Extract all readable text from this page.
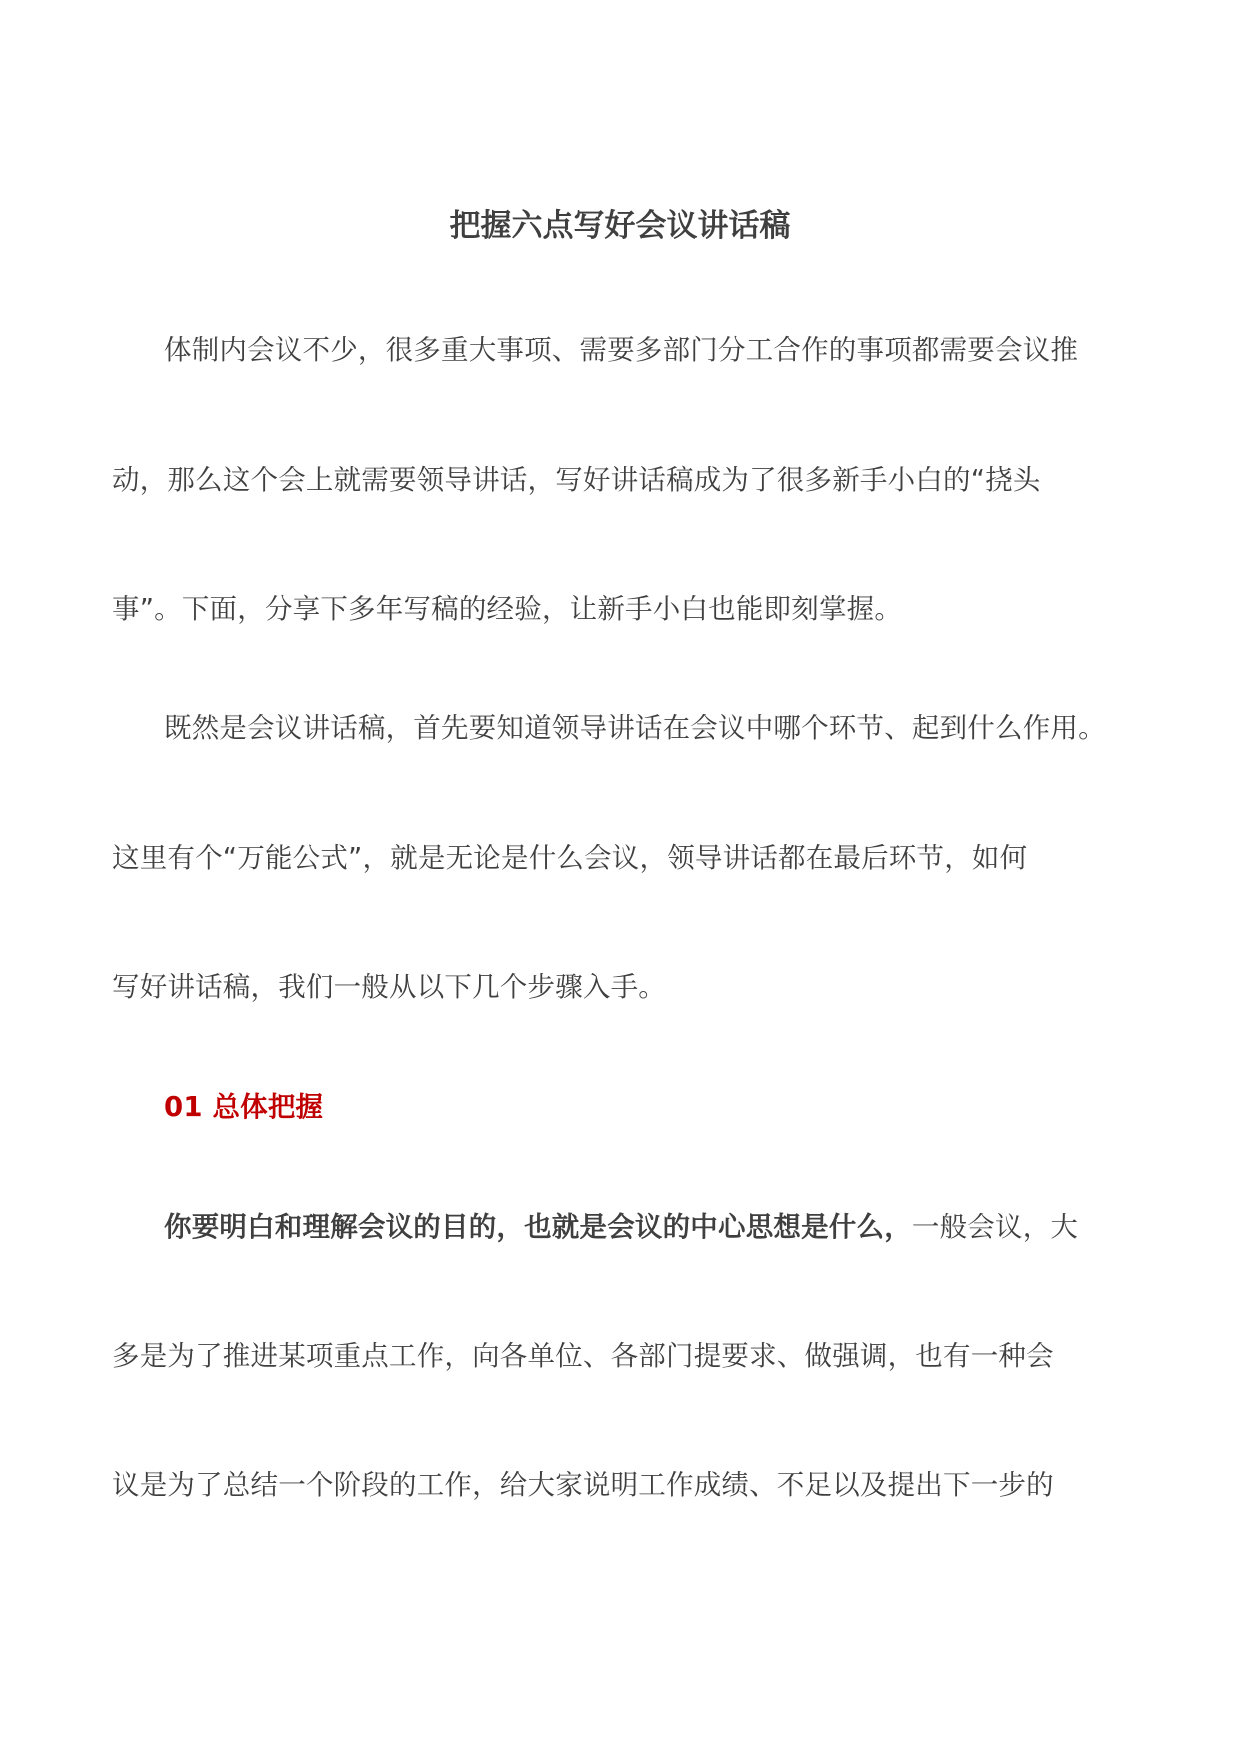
把握六点写好会议讲话稿
体制内会议不少，很多重大事项、需要多部门分工合作的事项都需要会议推
动，那么这个会上就需要领导讲话，写好讲话稿成为了很多新手小白的“挠头
事”。下面，分享下多年写稿的经验，让新手小白也能即刻掌握。
既然是会议讲话稿，首先要知道领导讲话在会议中哪个环节、起到什么作用。
这里有个“万能公式”，就是无论是什么会议，领导讲话都在最后环节，如何
写好讲话稿，我们一般从以下几个步骤入手。
01 总体把握
你要明白和理解会议的目的，也就是会议的中心思想是什么，一般会议，大
多是为了推进某项重点工作，向各单位、各部门提要求、做强调，也有一种会
议是为了总结一个阶段的工作，给大家说明工作成绩、不足以及提出下一步的
